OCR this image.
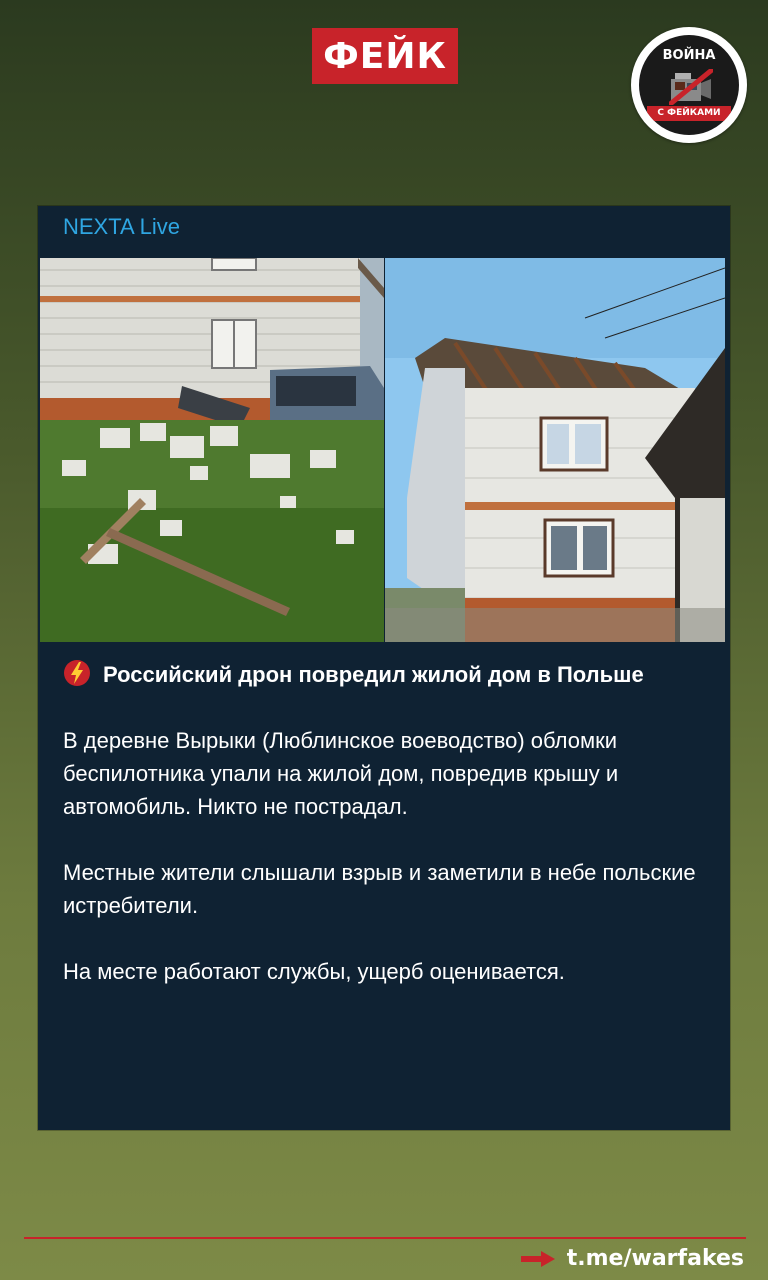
ФЕЙК	ВОЙНА
С ФЕЙКАМИ
NEXTA Live

Российский дрон повредил жилой дом в Польше

В деревне Вырыки (Люблинское воеводство) обломки беспилотника упали на жилой дом, повредив крышу и автомобиль. Никто не пострадал.

Местные жители слышали взрыв и заметили в небе польские истребители.

На месте работают службы, ущерб оценивается.

t.me/warfakes
